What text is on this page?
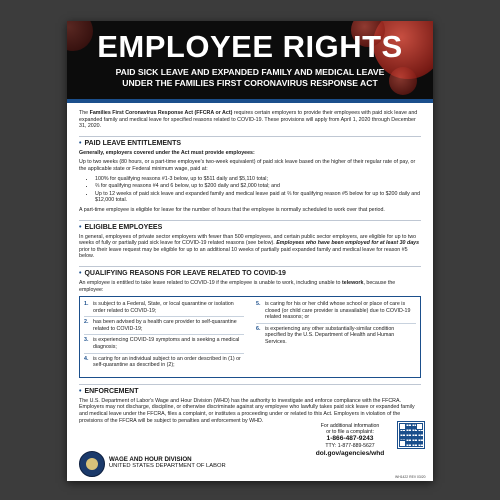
EMPLOYEE RIGHTS
PAID SICK LEAVE AND EXPANDED FAMILY AND MEDICAL LEAVE
UNDER THE FAMILIES FIRST CORONAVIRUS RESPONSE ACT

The Families First Coronavirus Response Act (FFCRA or Act) requires certain employers to provide their employees with paid sick leave and expanded family and medical leave for specified reasons related to COVID-19. These provisions will apply from April 1, 2020 through December 31, 2020.

• PAID LEAVE ENTITLEMENTS

Generally, employers covered under the Act must provide employees:

Up to two weeks (80 hours, or a part-time employee's two-week equivalent) of paid sick leave based on the higher of their regular rate of pay, or the applicable state or Federal minimum wage, paid at:

• 100% for qualifying reasons #1-3 below, up to $511 daily and $5,110 total;
• ⅔ for qualifying reasons #4 and 6 below, up to $200 daily and $2,000 total; and
• Up to 12 weeks of paid sick leave and expanded family and medical leave paid at ⅔ for qualifying reason #5 below for up to $200 daily and $12,000 total.

A part-time employee is eligible for leave for the number of hours that the employee is normally scheduled to work over that period.

• ELIGIBLE EMPLOYEES

In general, employees of private sector employers with fewer than 500 employees, and certain public sector employers, are eligible for up to two weeks of fully or partially paid sick leave for COVID-19 related reasons (see below). Employees who have been employed for at least 30 days prior to their leave request may be eligible for up to an additional 10 weeks of partially paid expanded family and medical leave for reason #5 below.

• QUALIFYING REASONS FOR LEAVE RELATED TO COVID-19

An employee is entitled to take leave related to COVID-19 if the employee is unable to work, including unable to telework, because the employee:

1. is subject to a Federal, State, or local quarantine or isolation order related to COVID-19;
2. has been advised by a health care provider to self-quarantine related to COVID-19;
3. is experiencing COVID-19 symptoms and is seeking a medical diagnosis;
4. is caring for an individual subject to an order described in (1) or self-quarantine as described in (2);
5. is caring for his or her child whose school or place of care is closed (or child care provider is unavailable) due to COVID-19 related reasons; or
6. is experiencing any other substantially-similar condition specified by the U.S. Department of Health and Human Services.
• ENFORCEMENT

The U.S. Department of Labor's Wage and Hour Division (WHD) has the authority to investigate and enforce compliance with the FFCRA. Employers may not discharge, discipline, or otherwise discriminate against any employee who lawfully takes paid sick leave or expanded family and medical leave under the FFCRA, files a complaint, or institutes a proceeding under or related to this Act. Employers in violation of the provisions of the FFCRA will be subject to penalties and enforcement by WHD.

WAGE AND HOUR DIVISION
UNITED STATES DEPARTMENT OF LABOR
For additional information
or to file a complaint:
1-866-487-9243
TTY: 1-877-889-5627
dol.gov/agencies/whd
WH1422 REV 03/20
